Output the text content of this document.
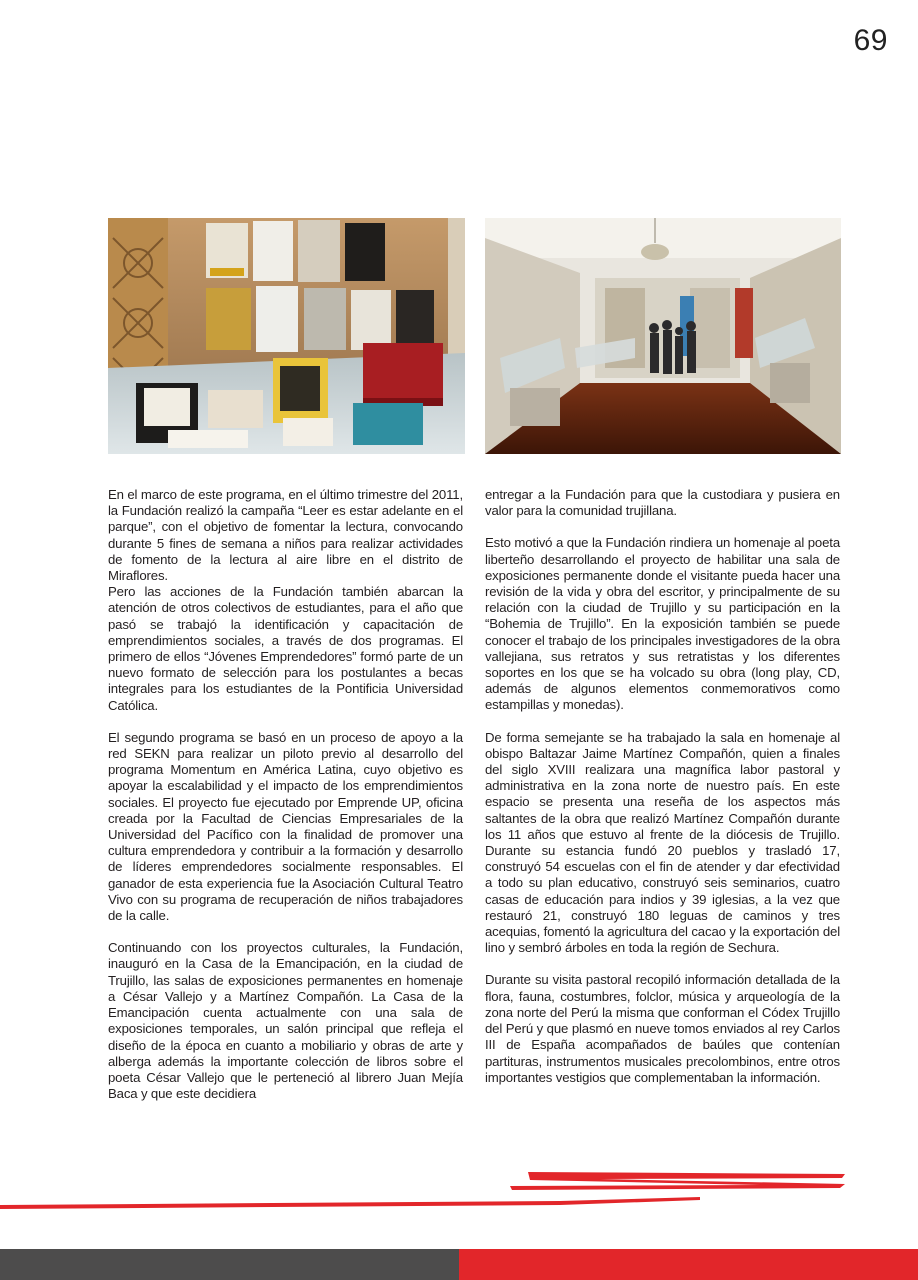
69

En el marco de este programa, en el último trimestre del 2011, la Fundación realizó la campaña “Leer es estar adelante en el parque”, con el objetivo de fomentar la lectura, convocando durante 5 fines de semana a niños para realizar actividades de fomento de la lectura al aire libre en el distrito de Miraflores.

Pero las acciones de la Fundación también abarcan la atención de otros colectivos de estudiantes, para el año que pasó se trabajó la identificación y capacitación de emprendimientos sociales, a través de dos programas. El primero de ellos “Jóvenes Emprendedores” formó parte de un nuevo formato de selección para los postulantes a becas integrales para los estudiantes de la Pontificia Universidad Católica.

El segundo programa se basó en un proceso de apoyo a la red SEKN para realizar un piloto previo al desarrollo del programa Momentum en América Latina, cuyo objetivo es apoyar la escalabilidad y el impacto de los emprendimientos sociales. El proyecto fue ejecutado por Emprende UP, oficina creada por la Facultad de Ciencias Empresariales de la Universidad del Pacífico con la finalidad de promover una cultura emprendedora y contribuir a la formación y desarrollo de líderes emprendedores socialmente responsables. El ganador de esta experiencia fue la Asociación Cultural Teatro Vivo con su programa de recuperación de niños trabajadores de la calle.

Continuando con los proyectos culturales, la Fundación, inauguró en la Casa de la Emancipación, en la ciudad de Trujillo, las salas de exposiciones permanentes en homenaje a César Vallejo y a Martínez Compañón. La Casa de la Emancipación cuenta actualmente con una sala de exposiciones temporales, un salón principal que refleja el diseño de la época en cuanto a mobiliario y obras de arte y alberga además la importante colección de libros sobre el poeta César Vallejo que le perteneció al librero Juan Mejía Baca y que este decidiera

entregar a la Fundación para que la custodiara y pusiera en valor para la comunidad trujillana.

Esto motivó a que la Fundación rindiera un homenaje al poeta liberteño desarrollando el proyecto de habilitar una sala de exposiciones permanente donde el visitante pueda hacer una revisión de la vida y obra del escritor, y principalmente de su relación con la ciudad de Trujillo y su participación en la “Bohemia de Trujillo”. En la exposición también se puede conocer el trabajo de los principales investigadores de la obra vallejiana, sus retratos y sus retratistas y los diferentes soportes en los que se ha volcado su obra (long play, CD, además de algunos elementos conmemorativos como estampillas y monedas).

De forma semejante se ha trabajado la sala en homenaje al obispo Baltazar Jaime Martínez Compañón, quien a finales del siglo XVIII realizara una magnífica labor pastoral y administrativa en la zona norte de nuestro país. En este espacio se presenta una reseña de los aspectos más saltantes de la obra que realizó Martínez Compañón durante los 11 años que estuvo al frente de la diócesis de Trujillo. Durante su estancia fundó 20 pueblos y trasladó 17, construyó 54 escuelas con el fin de atender y dar efectividad a todo su plan educativo, construyó seis seminarios, cuatro casas de educación para indios y 39 iglesias, a la vez que restauró 21, construyó 180 leguas de caminos y tres acequias, fomentó la agricultura del cacao y la exportación del lino y sembró árboles en toda la región de Sechura.

Durante su visita pastoral recopiló información detallada de la flora, fauna, costumbres, folclor, música y arqueología de la zona norte del Perú la misma que conforman el Códex Trujillo del Perú y que plasmó en nueve tomos enviados al rey Carlos III de España acompañados de baúles que contenían partituras, instrumentos musicales precolombinos, entre otros importantes vestigios que complementaban la información.
